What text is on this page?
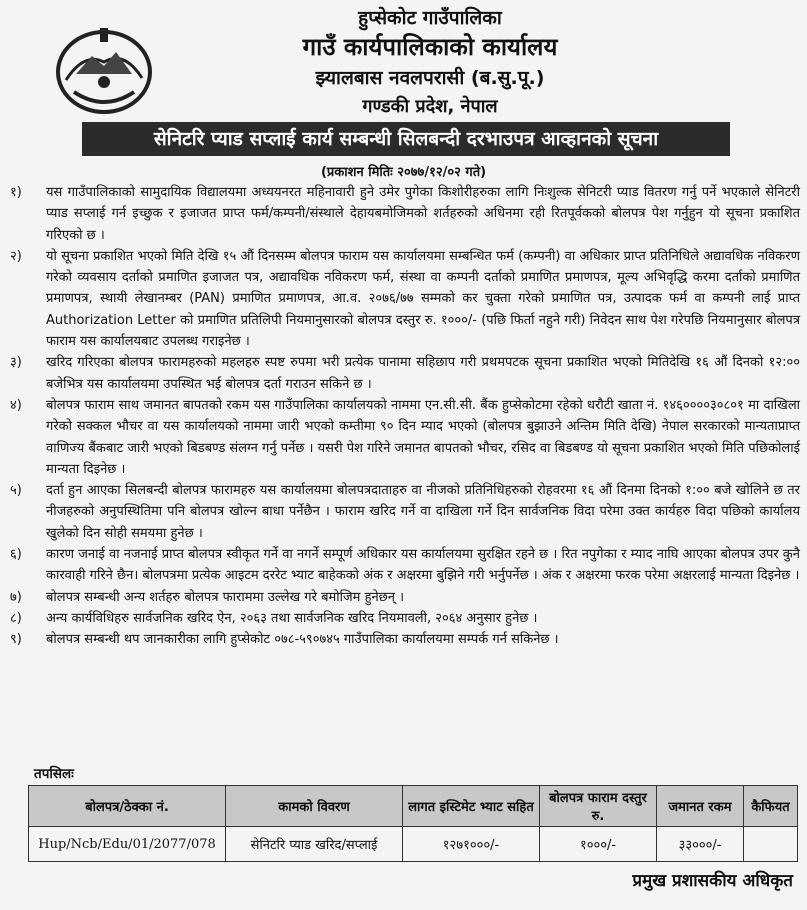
हुप्सेकोट गाउँपालिका
गाउँ कार्यपालिकाको कार्यालय
झ्यालबास नवलपरासी (ब.सु.पू.)
गण्डकी प्रदेश, नेपाल
सेनिटरि प्याड सप्लाई कार्य सम्बन्धी सिलबन्दी दरभाउपत्र आव्हानको सूचना
(प्रकाशन मितिः २०७७/१२/०२ गते)
१)	यस गाउँपालिकाको सामुदायिक विद्यालयमा अध्ययनरत महिनावारी हुने उमेर पुगेका किशोरीहरुका लागि निःशुल्क सेनिटरी प्याड वितरण गर्नु पर्ने भएकाले सेनिटरी प्याड सप्लाई गर्न इच्छुक र इजाजत प्राप्त फर्म/कम्पनी/संस्थाले देहायबमोजिमको शर्तहरुको अधिनमा रही रितपूर्वकको बोलपत्र पेश गर्नुहुन यो सूचना प्रकाशित गरिएको छ ।
२)	यो सूचना प्रकाशित भएको मिति देखि १५ औं दिनसम्म बोलपत्र फाराम यस कार्यालयमा सम्बन्धित फर्म (कम्पनी) वा अधिकार प्राप्त प्रतिनिधिले अद्यावधिक नविकरण गरेको व्यवसाय दर्ताको प्रमाणित इजाजत पत्र, अद्यावधिक नविकरण फर्म, संस्था वा कम्पनी दर्ताको प्रमाणित प्रमाणपत्र, मूल्य अभिवृद्धि करमा दर्ताको प्रमाणित प्रमाणपत्र, स्थायी लेखानम्बर (PAN) प्रमाणित प्रमाणपत्र, आ.व. २०७६/७७ सम्मको कर चुक्ता गरेको प्रमाणित पत्र, उत्पादक फर्म वा कम्पनी लाई प्राप्त Authorization Letter को प्रमाणित प्रतिलिपी नियमानुसारको बोलपत्र दस्तुर रु. १०००/- (पछि फिर्ता नहुने गरी) निवेदन साथ पेश गरेपछि नियमानुसार बोलपत्र फाराम यस कार्यालयबाट उपलब्ध गराइनेछ ।
३)	खरिद गरिएका बोलपत्र फारामहरुको महलहरु स्पष्ट रुपमा भरी प्रत्येक पानामा सहिछाप गरी प्रथमपटक सूचना प्रकाशित भएको मितिदेखि १६ औं दिनको १२:०० बजेभित्र यस कार्यालयमा उपस्थित भई बोलपत्र दर्ता गराउन सकिने छ ।
४)	बोलपत्र फाराम साथ जमानत बापतको रकम यस गाउँपालिका कार्यालयको नाममा एन.सी.सी. बैंक हुप्सेकोटमा रहेको धरौटी खाता नं. १४६००००३०८०१ मा दाखिला गरेको सक्कल भौचर वा यस कार्यालयको नाममा जारी भएको कम्तीमा ९० दिन म्याद भएको (बोलपत्र बुझाउने अन्तिम मिति देखि) नेपाल सरकारको मान्यताप्राप्त वाणिज्य बैंकबाट जारी भएको बिडबण्ड संलग्न गर्नु पर्नेछ । यसरी पेश गरिने जमानत बापतको भौचर, रसिद वा बिडबण्ड यो सूचना प्रकाशित भएको मिति पछिकोलाई मान्यता दिइनेछ ।
५)	दर्ता हुन आएका सिलबन्दी बोलपत्र फारामहरु यस कार्यालयमा बोलपत्रदाताहरु वा नीजको प्रतिनिधिहरुको रोहवरमा १६ औं दिनमा दिनको १:०० बजे खोलिने छ तर नीजहरुको अनुपस्थितिमा पनि बोलपत्र खोल्न बाधा पर्नेछैन । फाराम खरिद गर्ने वा दाखिला गर्ने दिन सार्वजनिक विदा परेमा उक्त कार्यहरु विदा पछिको कार्यालय खुलेको दिन सोही समयमा हुनेछ ।
६)	कारण जनाई वा नजनाई प्राप्त बोलपत्र स्वीकृत गर्ने वा नगर्ने सम्पूर्ण अधिकार यस कार्यालयमा सुरक्षित रहने छ । रित नपुगेका र म्याद नाघि आएका बोलपत्र उपर कुनै कारवाही गरिने छैन। बोलपत्रमा प्रत्येक आइटम दररेट भ्याट बाहेकको अंक र अक्षरमा बुझिने गरी भर्नुपर्नेछ । अंक र अक्षरमा फरक परेमा अक्षरलाई मान्यता दिइनेछ ।
७)	बोलपत्र सम्बन्धी अन्य शर्तहरु बोलपत्र फाराममा उल्लेख गरे बमोजिम हुनेछन् ।
८)	अन्य कार्यविधिहरु सार्वजनिक खरिद ऐन, २०६३ तथा सार्वजनिक खरिद नियमावली, २०६४ अनुसार हुनेछ ।
९)	बोलपत्र सम्बन्धी थप जानकारीका लागि हुप्सेकोट ०७८-५९०७४५ गाउँपालिका कार्यालयमा सम्पर्क गर्न सकिनेछ ।
तपसिलः
बोलपत्र/ठेक्का नं.	कामको विवरण	लागत इस्टिमेट भ्याट सहित	बोलपत्र फाराम दस्तुर रु.	जमानत रकम	कैफियत
Hup/Ncb/Edu/01/2077/078	सेनिटरि प्याड खरिद/सप्लाई	१२७१०००/-	१०००/-	३३०००/-	
प्रमुख प्रशासकीय अधिकृत
